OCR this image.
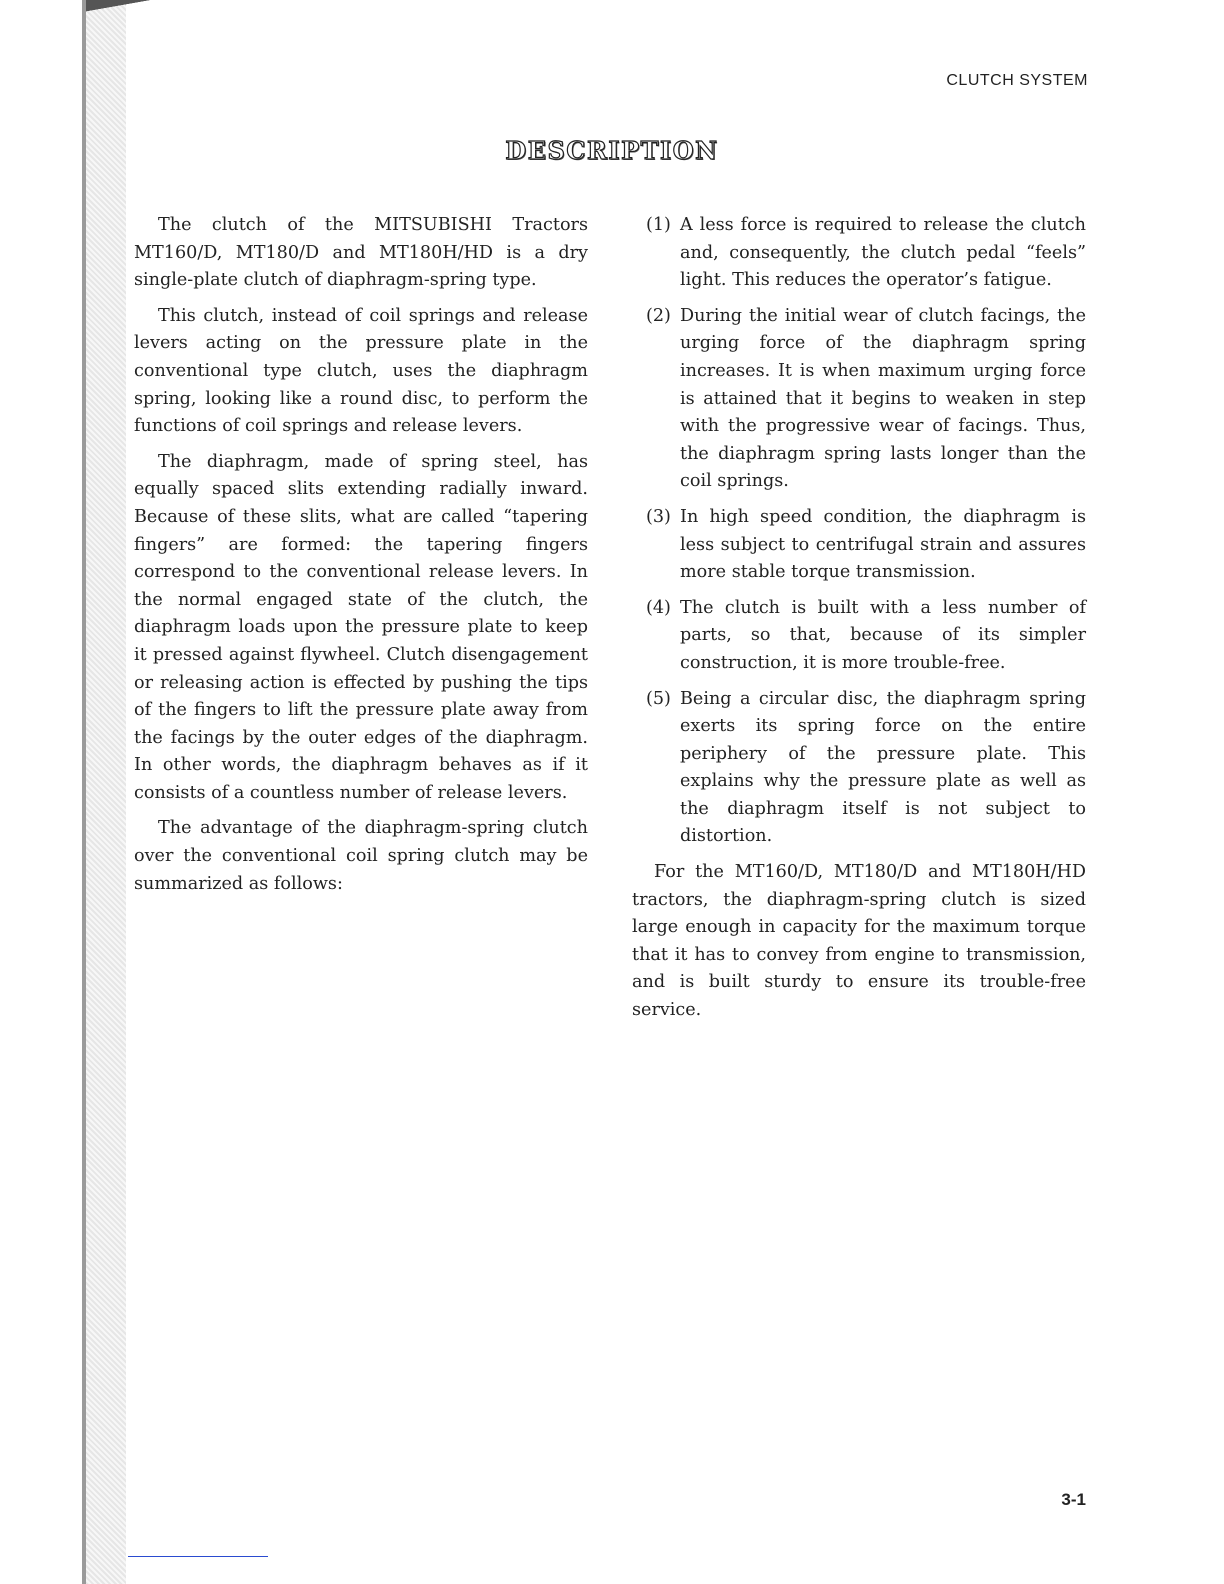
CLUTCH SYSTEM
DESCRIPTION

The clutch of the MITSUBISHI Tractors MT160/D, MT180/D and MT180H/HD is a dry single-plate clutch of diaphragm-spring type.

This clutch, instead of coil springs and release levers acting on the pressure plate in the conventional type clutch, uses the diaphragm spring, looking like a round disc, to perform the functions of coil springs and release levers.

The diaphragm, made of spring steel, has equally spaced slits extending radially inward. Because of these slits, what are called “tapering fingers” are formed: the tapering fingers correspond to the conventional release levers. In the normal engaged state of the clutch, the diaphragm loads upon the pressure plate to keep it pressed against flywheel. Clutch disengagement or releasing action is effected by pushing the tips of the fingers to lift the pressure plate away from the facings by the outer edges of the diaphragm. In other words, the diaphragm behaves as if it consists of a countless number of release levers.

The advantage of the diaphragm-spring clutch over the conventional coil spring clutch may be summarized as follows:

(1) A less force is required to release the clutch and, consequently, the clutch pedal “feels” light. This reduces the operator’s fatigue.
(2) During the initial wear of clutch facings, the urging force of the diaphragm spring increases. It is when maximum urging force is attained that it begins to weaken in step with the progressive wear of facings. Thus, the diaphragm spring lasts longer than the coil springs.
(3) In high speed condition, the diaphragm is less subject to centrifugal strain and assures more stable torque transmission.
(4) The clutch is built with a less number of parts, so that, because of its simpler construction, it is more trouble-free.
(5) Being a circular disc, the diaphragm spring exerts its spring force on the entire periphery of the pressure plate. This explains why the pressure plate as well as the diaphragm itself is not subject to distortion.

For the MT160/D, MT180/D and MT180H/HD tractors, the diaphragm-spring clutch is sized large enough in capacity for the maximum torque that it has to convey from engine to transmission, and is built sturdy to ensure its trouble-free service.

3-1
